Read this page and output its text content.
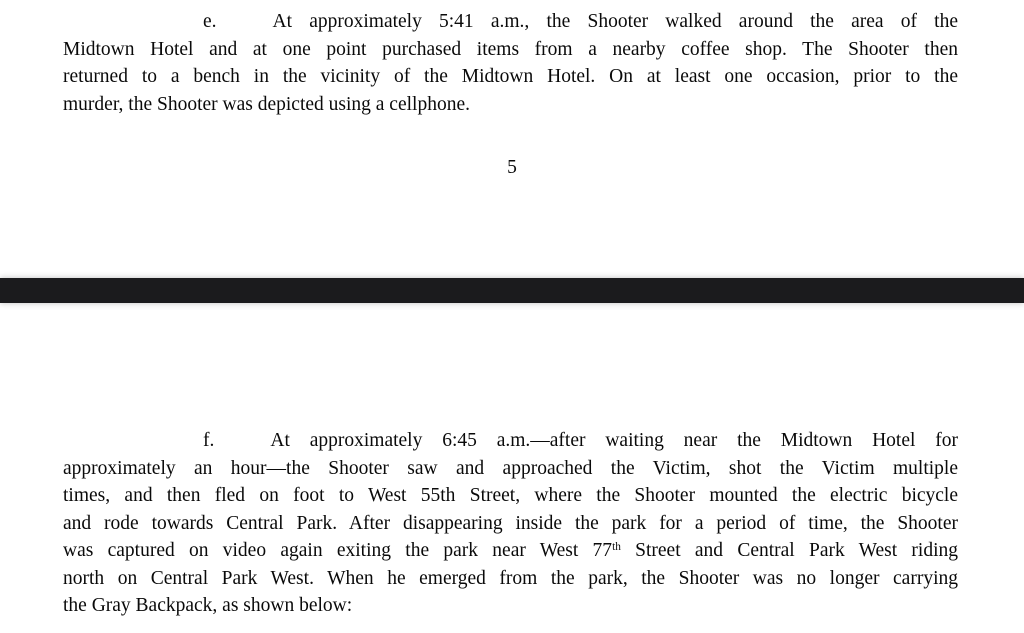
e.	At approximately 5:41 a.m., the Shooter walked around the area of the
Midtown Hotel and at one point purchased items from a nearby coffee shop. The Shooter then
returned to a bench in the vicinity of the Midtown Hotel. On at least one occasion, prior to the
murder, the Shooter was depicted using a cellphone.
5
f.	At approximately 6:45 a.m.—after waiting near the Midtown Hotel for
approximately an hour—the Shooter saw and approached the Victim, shot the Victim multiple
times, and then fled on foot to West 55th Street, where the Shooter mounted the electric bicycle
and rode towards Central Park. After disappearing inside the park for a period of time, the Shooter
was captured on video again exiting the park near West 77th Street and Central Park West riding
north on Central Park West. When he emerged from the park, the Shooter was no longer carrying
the Gray Backpack, as shown below:
